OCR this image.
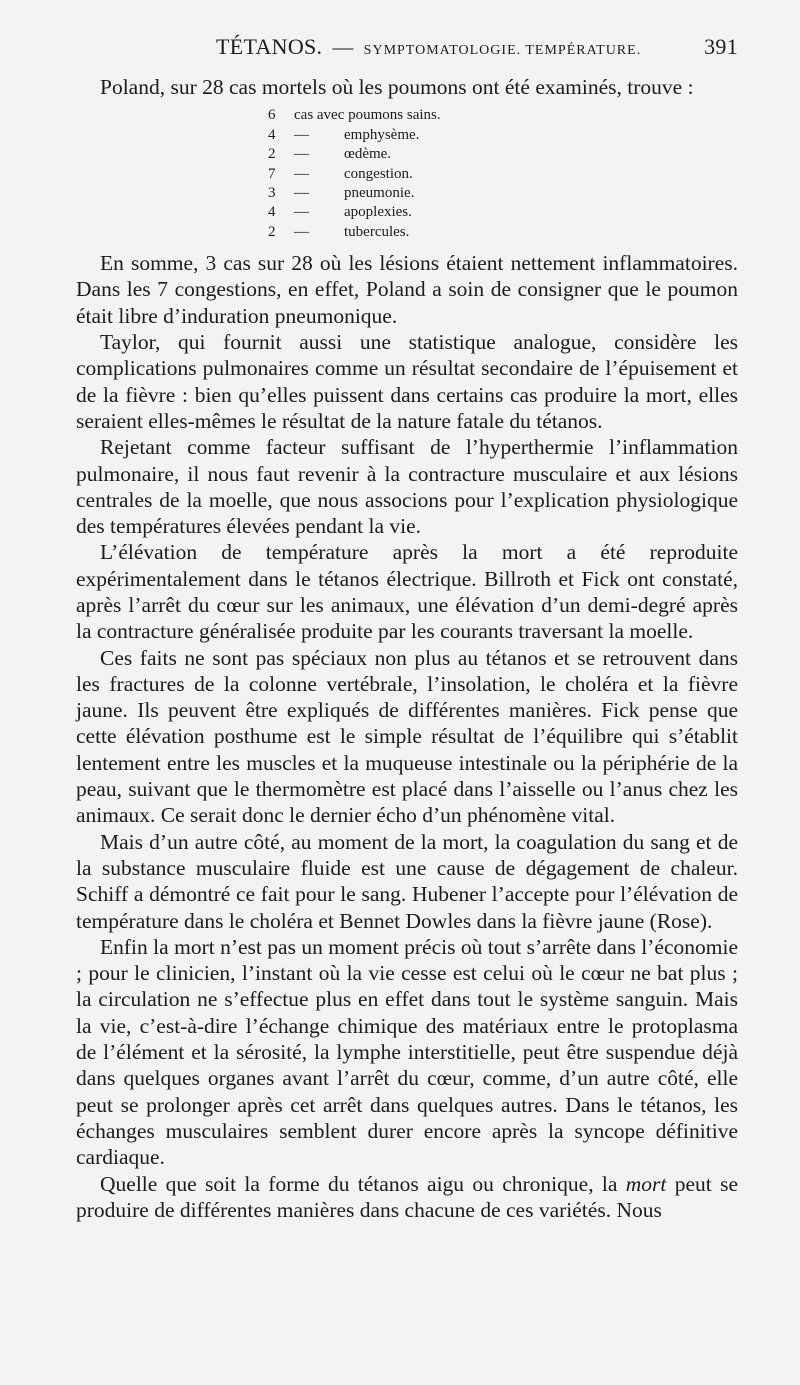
TÉTANOS. — SYMPTOMATOLOGIE. TEMPÉRATURE.	391

Poland, sur 28 cas mortels où les poumons ont été examinés, trouve :

6	cas avec poumons sains.
4	—	emphysème.
2	—	œdème.
7	—	congestion.
3	—	pneumonie.
4	—	apoplexies.
2	—	tubercules.

En somme, 3 cas sur 28 où les lésions étaient nettement inflammatoires. Dans les 7 congestions, en effet, Poland a soin de consigner que le poumon était libre d’induration pneumonique.

Taylor, qui fournit aussi une statistique analogue, considère les complications pulmonaires comme un résultat secondaire de l’épuisement et de la fièvre : bien qu’elles puissent dans certains cas produire la mort, elles seraient elles-mêmes le résultat de la nature fatale du tétanos.

Rejetant comme facteur suffisant de l’hyperthermie l’inflammation pulmonaire, il nous faut revenir à la contracture musculaire et aux lésions centrales de la moelle, que nous associons pour l’explication physiologique des températures élevées pendant la vie.

L’élévation de température après la mort a été reproduite expérimentalement dans le tétanos électrique. Billroth et Fick ont constaté, après l’arrêt du cœur sur les animaux, une élévation d’un demi-degré après la contracture généralisée produite par les courants traversant la moelle.

Ces faits ne sont pas spéciaux non plus au tétanos et se retrouvent dans les fractures de la colonne vertébrale, l’insolation, le choléra et la fièvre jaune. Ils peuvent être expliqués de différentes manières. Fick pense que cette élévation posthume est le simple résultat de l’équilibre qui s’établit lentement entre les muscles et la muqueuse intestinale ou la périphérie de la peau, suivant que le thermomètre est placé dans l’aisselle ou l’anus chez les animaux. Ce serait donc le dernier écho d’un phénomène vital.

Mais d’un autre côté, au moment de la mort, la coagulation du sang et de la substance musculaire fluide est une cause de dégagement de chaleur. Schiff a démontré ce fait pour le sang. Hubener l’accepte pour l’élévation de température dans le choléra et Bennet Dowles dans la fièvre jaune (Rose).

Enfin la mort n’est pas un moment précis où tout s’arrête dans l’économie ; pour le clinicien, l’instant où la vie cesse est celui où le cœur ne bat plus ; la circulation ne s’effectue plus en effet dans tout le système sanguin. Mais la vie, c’est-à-dire l’échange chimique des matériaux entre le protoplasma de l’élément et la sérosité, la lymphe interstitielle, peut être suspendue déjà dans quelques organes avant l’arrêt du cœur, comme, d’un autre côté, elle peut se prolonger après cet arrêt dans quelques autres. Dans le tétanos, les échanges musculaires semblent durer encore après la syncope définitive cardiaque.

Quelle que soit la forme du tétanos aigu ou chronique, la mort peut se produire de différentes manières dans chacune de ces variétés. Nous
